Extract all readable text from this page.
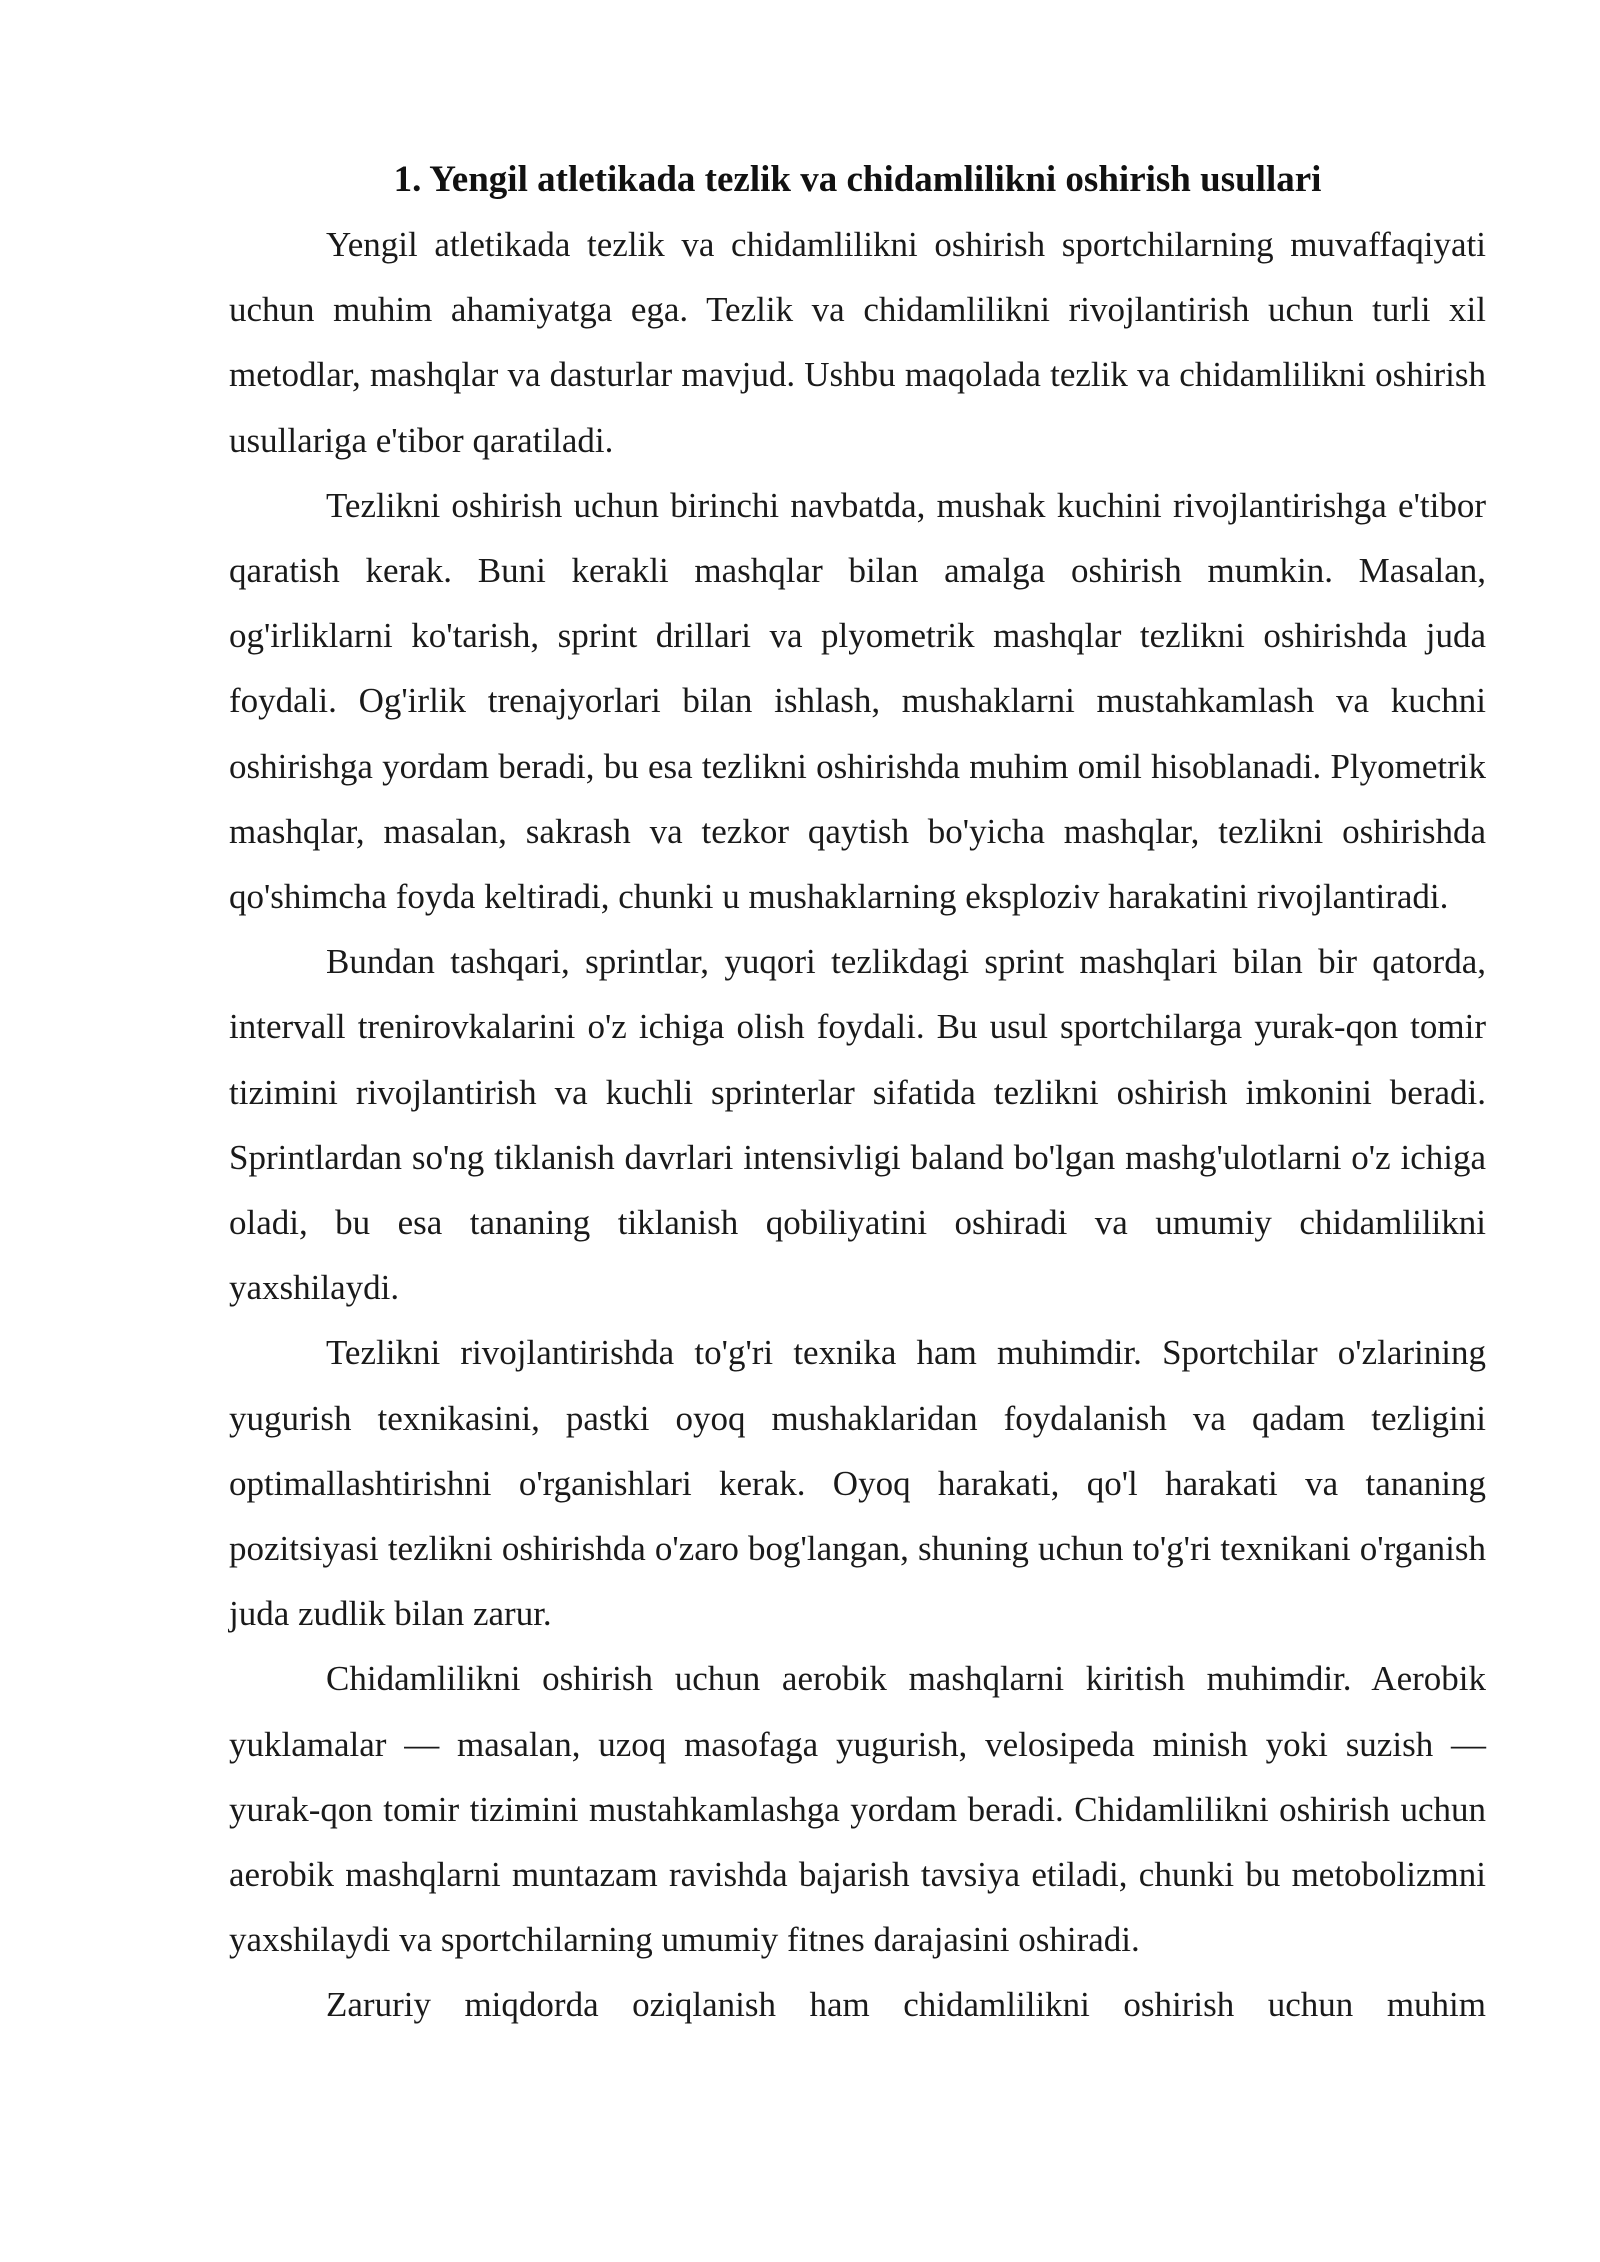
1. Yengil atletikada tezlik va chidamlilikni oshirish usullari

Yengil atletikada tezlik va chidamlilikni oshirish sportchilarning muvaffaqiyati uchun muhim ahamiyatga ega. Tezlik va chidamlilikni rivojlantirish uchun turli xil metodlar, mashqlar va dasturlar mavjud. Ushbu maqolada tezlik va chidamlilikni oshirish usullariga e'tibor qaratiladi.

Tezlikni oshirish uchun birinchi navbatda, mushak kuchini rivojlantirishga e'tibor qaratish kerak. Buni kerakli mashqlar bilan amalga oshirish mumkin. Masalan, og'irliklarni ko'tarish, sprint drillari va plyometrik mashqlar tezlikni oshirishda juda foydali. Og'irlik trenajyorlari bilan ishlash, mushaklarni mustahkamlash va kuchni oshirishga yordam beradi, bu esa tezlikni oshirishda muhim omil hisoblanadi. Plyometrik mashqlar, masalan, sakrash va tezkor qaytish bo'yicha mashqlar, tezlikni oshirishda qo'shimcha foyda keltiradi, chunki u mushaklarning eksploziv harakatini rivojlantiradi.

Bundan tashqari, sprintlar, yuqori tezlikdagi sprint mashqlari bilan bir qatorda, intervall trenirovkalarini o'z ichiga olish foydali. Bu usul sportchilarga yurak-qon tomir tizimini rivojlantirish va kuchli sprinterlar sifatida tezlikni oshirish imkonini beradi. Sprintlardan so'ng tiklanish davrlari intensivligi baland bo'lgan mashg'ulotlarni o'z ichiga oladi, bu esa tananing tiklanish qobiliyatini oshiradi va umumiy chidamlilikni yaxshilaydi.

Tezlikni rivojlantirishda to'g'ri texnika ham muhimdir. Sportchilar o'zlarining yugurish texnikasini, pastki oyoq mushaklaridan foydalanish va qadam tezligini optimallashtirishni o'rganishlari kerak. Oyoq harakati, qo'l harakati va tananing pozitsiyasi tezlikni oshirishda o'zaro bog'langan, shuning uchun to'g'ri texnikani o'rganish juda zudlik bilan zarur.

Chidamlilikni oshirish uchun aerobik mashqlarni kiritish muhimdir. Aerobik yuklamalar — masalan, uzoq masofaga yugurish, velosipeda minish yoki suzish — yurak-qon tomir tizimini mustahkamlashga yordam beradi. Chidamlilikni oshirish uchun aerobik mashqlarni muntazam ravishda bajarish tavsiya etiladi, chunki bu metobolizmni yaxshilaydi va sportchilarning umumiy fitnes darajasini oshiradi.

Zaruriy miqdorda oziqlanish ham chidamlilikni oshirish uchun muhim
